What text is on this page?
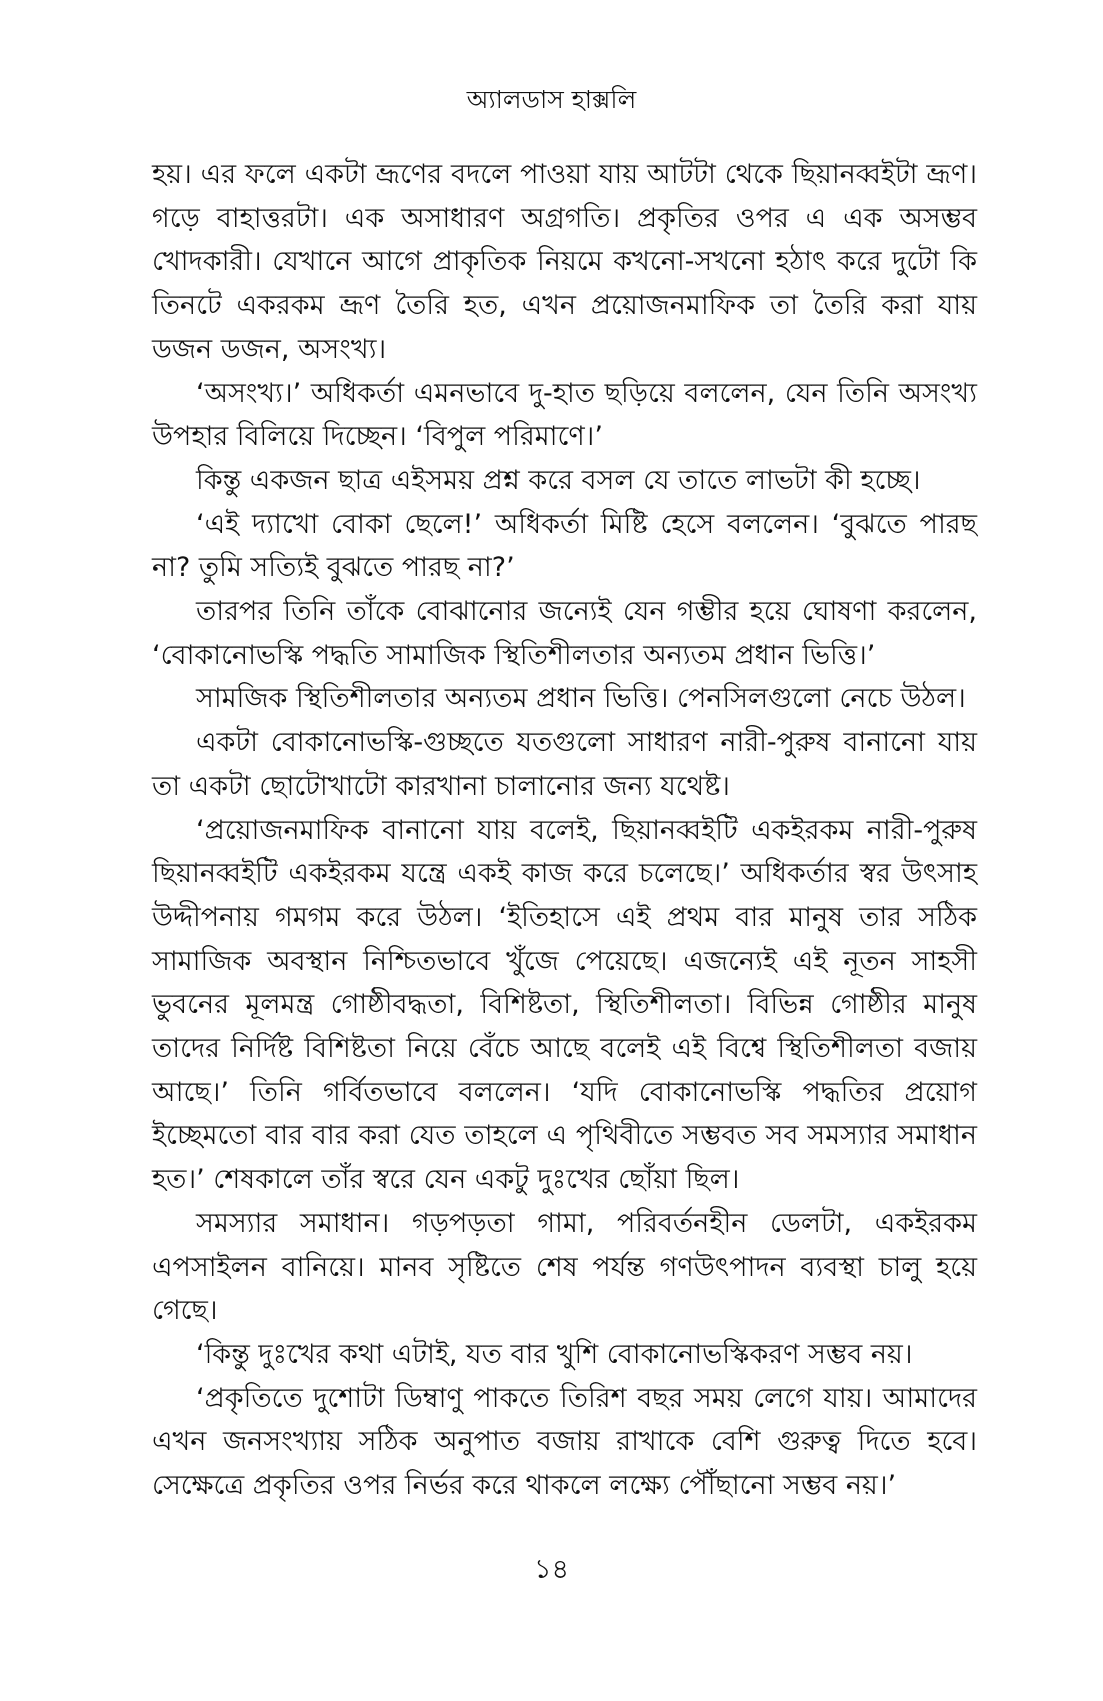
অ্যালডাস হাক্সলি

হয়। এর ফলে একটা ভ্রূণের বদলে পাওয়া যায় আটটা থেকে ছিয়ানব্বইটা ভ্রূণ। গড়ে বাহাত্তরটা। এক অসাধারণ অগ্রগতি। প্রকৃতির ওপর এ এক অসম্ভব খোদকারী। যেখানে আগে প্রাকৃতিক নিয়মে কখনো-সখনো হঠাৎ করে দুটো কি তিনটে একরকম ভ্রূণ তৈরি হত, এখন প্রয়োজনমাফিক তা তৈরি করা যায় ডজন ডজন, অসংখ্য।

‘অসংখ্য।’ অধিকর্তা এমনভাবে দু-হাত ছড়িয়ে বললেন, যেন তিনি অসংখ্য উপহার বিলিয়ে দিচ্ছেন। ‘বিপুল পরিমাণে।’

কিন্তু একজন ছাত্র এইসময় প্রশ্ন করে বসল যে তাতে লাভটা কী হচ্ছে।

‘এই দ্যাখো বোকা ছেলে!’ অধিকর্তা মিষ্টি হেসে বললেন। ‘বুঝতে পারছ না? তুমি সত্যিই বুঝতে পারছ না?’

তারপর তিনি তাঁকে বোঝানোর জন্যেই যেন গম্ভীর হয়ে ঘোষণা করলেন, ‘বোকানোভস্কি পদ্ধতি সামাজিক স্থিতিশীলতার অন্যতম প্রধান ভিত্তি।’

সামজিক স্থিতিশীলতার অন্যতম প্রধান ভিত্তি। পেনসিলগুলো নেচে উঠল।

একটা বোকানোভস্কি-গুচ্ছতে যতগুলো সাধারণ নারী-পুরুষ বানানো যায় তা একটা ছোটোখাটো কারখানা চালানোর জন্য যথেষ্ট।

‘প্রয়োজনমাফিক বানানো যায় বলেই, ছিয়ানব্বইটি একইরকম নারী-পুরুষ ছিয়ানব্বইটি একইরকম যন্ত্রে একই কাজ করে চলেছে।’ অধিকর্তার স্বর উৎসাহ উদ্দীপনায় গমগম করে উঠল। ‘ইতিহাসে এই প্রথম বার মানুষ তার সঠিক সামাজিক অবস্থান নিশ্চিতভাবে খুঁজে পেয়েছে। এজন্যেই এই নূতন সাহসী ভুবনের মূলমন্ত্র গোষ্ঠীবদ্ধতা, বিশিষ্টতা, স্থিতিশীলতা। বিভিন্ন গোষ্ঠীর মানুষ তাদের নির্দিষ্ট বিশিষ্টতা নিয়ে বেঁচে আছে বলেই এই বিশ্বে স্থিতিশীলতা বজায় আছে।’ তিনি গর্বিতভাবে বললেন। ‘যদি বোকানোভস্কি পদ্ধতির প্রয়োগ ইচ্ছেমতো বার বার করা যেত তাহলে এ পৃথিবীতে সম্ভবত সব সমস্যার সমাধান হত।’ শেষকালে তাঁর স্বরে যেন একটু দুঃখের ছোঁয়া ছিল।

সমস্যার সমাধান। গড়পড়তা গামা, পরিবর্তনহীন ডেলটা, একইরকম এপসাইলন বানিয়ে। মানব সৃষ্টিতে শেষ পর্যন্ত গণউৎপাদন ব্যবস্থা চালু হয়ে গেছে।

‘কিন্তু দুঃখের কথা এটাই, যত বার খুশি বোকানোভস্কিকরণ সম্ভব নয়।

‘প্রকৃতিতে দুশোটা ডিম্বাণু পাকতে তিরিশ বছর সময় লেগে যায়। আমাদের এখন জনসংখ্যায় সঠিক অনুপাত বজায় রাখাকে বেশি গুরুত্ব দিতে হবে। সেক্ষেত্রে প্রকৃতির ওপর নির্ভর করে থাকলে লক্ষ্যে পৌঁছানো সম্ভব নয়।’

১৪
